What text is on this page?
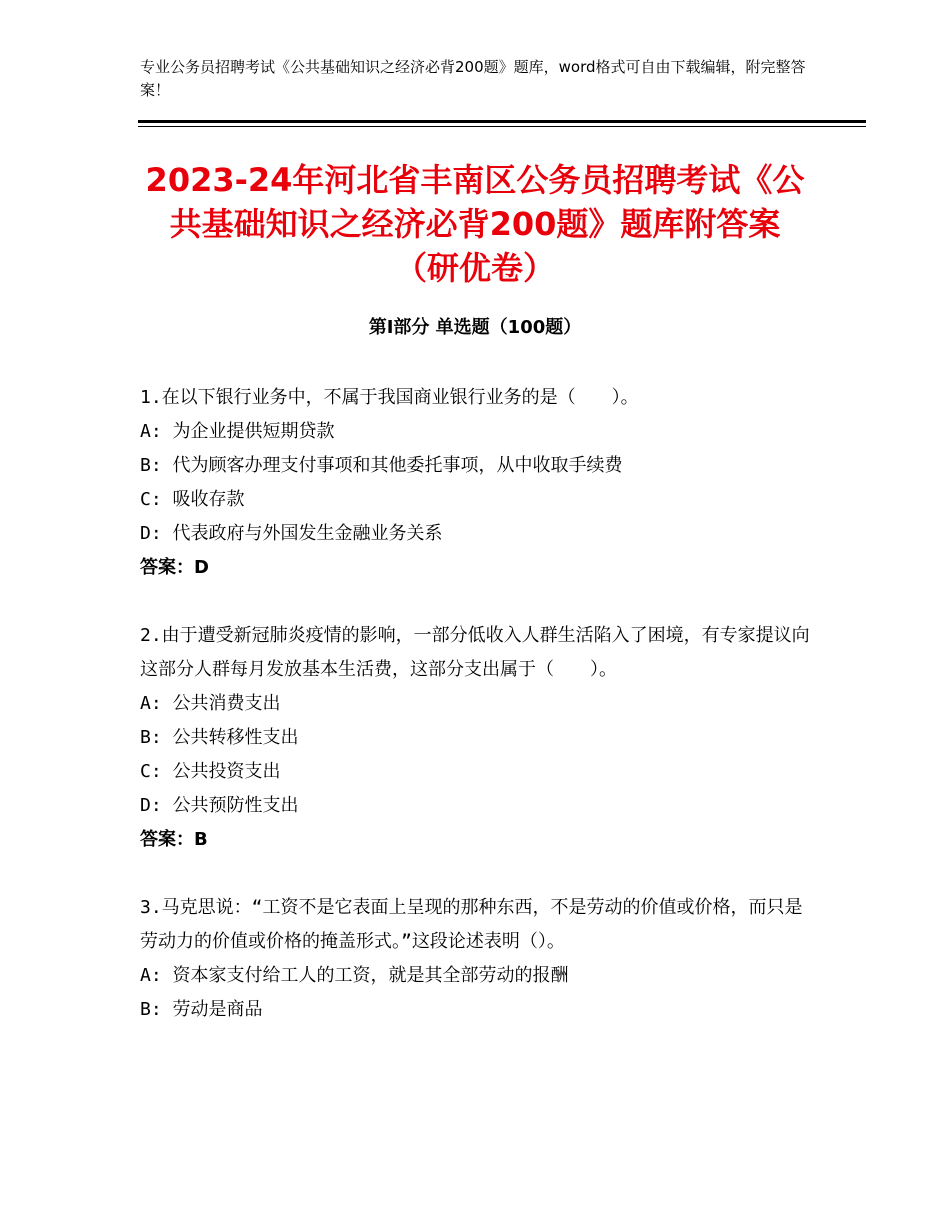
专业公务员招聘考试《公共基础知识之经济必背200题》题库，word格式可自由下载编辑，附完整答案！
2023-24年河北省丰南区公务员招聘考试《公共基础知识之经济必背200题》题库附答案（研优卷）
第Ⅰ部分 单选题（100题）
1.在以下银行业务中，不属于我国商业银行业务的是（　　）。
A: 为企业提供短期贷款
B: 代为顾客办理支付事项和其他委托事项，从中收取手续费
C: 吸收存款
D: 代表政府与外国发生金融业务关系
答案：D
2.由于遭受新冠肺炎疫情的影响，一部分低收入人群生活陷入了困境，有专家提议向这部分人群每月发放基本生活费，这部分支出属于（　　）。
A: 公共消费支出
B: 公共转移性支出
C: 公共投资支出
D: 公共预防性支出
答案：B
3.马克思说：“工资不是它表面上呈现的那种东西，不是劳动的价值或价格，而只是劳动力的价值或价格的掩盖形式。”这段论述表明（）。
A: 资本家支付给工人的工资，就是其全部劳动的报酬
B: 劳动是商品
